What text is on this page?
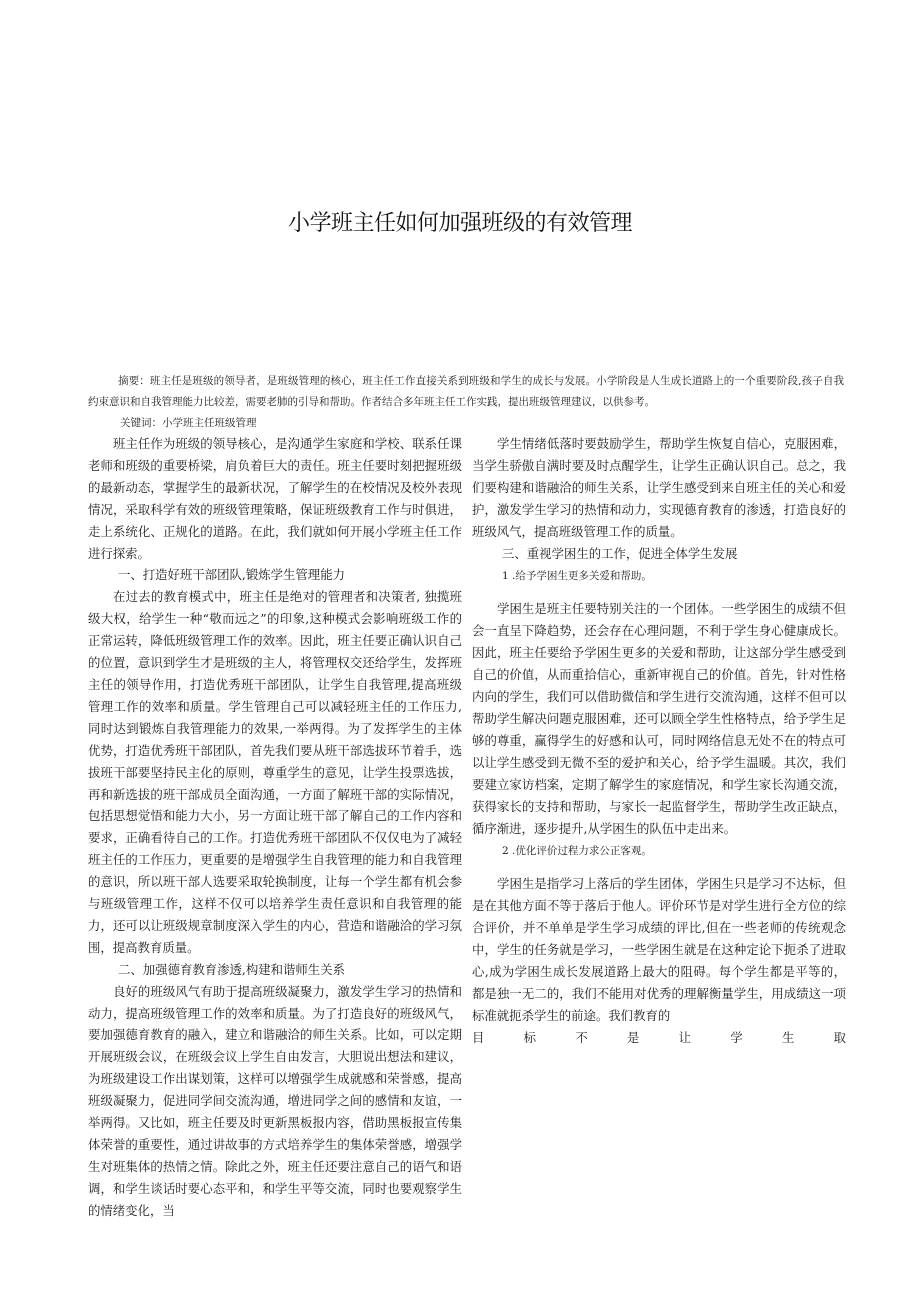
小学班主任如何加强班级的有效管理
摘要：班主任是班级的领导者，是班级管理的核心，班主任工作直接关系到班级和学生的成长与发展。小学阶段是人生成长道路上的一个重要阶段,孩子自我约束意识和自我管理能力比较差，需要老肺的引导和帮助。作者结合多年班主任工作实践，提出班级管理建议，以供参考。
关键词：小学班主任班级管理

班主任作为班级的领导核心，是沟通学生家庭和学校、联系任课老师和班级的重要桥梁，肩负着巨大的责任。班主任要时刻把握班级的最新动态，掌握学生的最新状况，了解学生的在校情况及校外表现情况，采取科学有效的班级管理策略，保证班级教育工作与时俱进，走上系统化、正规化的道路。在此，我们就如何开展小学班主任工作进行探索。

一、打造好班干部团队,锻炼学生管理能力

在过去的教育模式中，班主任是绝对的管理者和决策者, 独揽班级大权，给学生一种“敬而远之”的印象,这种模式会影响班级工作的正常运转，降低班级管理工作的效率。因此，班主任要正确认识自己的位置，意识到学生才是班级的主人，将管理权交还给学生，发挥班主任的领导作用，打造优秀班干部团队，让学生自我管理,提高班级管理工作的效率和质量。学生管理自己可以减轻班主任的工作压力,同时达到锻炼自我管理能力的效果,一举两得。为了发挥学生的主体优势，打造优秀班干部团队，首先我们要从班干部选拔环节着手，选拔班干部要坚持民主化的原则，尊重学生的意见，让学生投票选拔，再和新选拔的班干部成员全面沟通，一方面了解班干部的实际情况，包括思想觉悟和能力大小，另一方面让班干部了解自己的工作内容和要求，正确看待自己的工作。打造优秀班干部团队不仅仅电为了减轻班主任的工作压力，更重要的是增强学生自我管理的能力和自我管理的意识，所以班干部人选要采取轮换制度，让每一个学生都有机会参与班级管理工作，这样不仅可以培养学生责任意识和自我管理的能力，还可以让班级规章制度深入学生的内心，营造和谐融洽的学习氛围，提高教育质量。

二、加强德育教育渗透,构建和谐师生关系

良好的班级风气有助于提高班级凝聚力，激发学生学习的热情和动力，提高班级管理工作的效率和质量。为了打造良好的班级风气，要加强德育教育的融入，建立和谐融洽的师生关系。比如，可以定期开展班级会议，在班级会议上学生自由发言，大胆说出想法和建议，为班级建设工作出谋划策，这样可以增强学生成就感和荣誉感，提高班级凝聚力，促进同学间交流沟通，增进同学之间的感情和友谊，一举两得。又比如，班主任要及时更新黑板报内容，借助黑板报宣传集体荣誉的重要性，通过讲故事的方式培养学生的集体荣誉感，增强学生对班集体的热情之情。除此之外，班主任还要注意自己的语气和语调，和学生谈话时要心态平和，和学生平等交流，同时也要观察学生的情绪变化，当

学生情绪低落时要鼓励学生，帮助学生恢复自信心，克服困难，当学生骄傲自满时要及时点醒学生，让学生正确认识自己。总之，我们要构建和谐融洽的师生关系，让学生感受到来自班主任的关心和爱护，激发学生学习的热情和动力，实现德育教育的渗透，打造良好的班级风气，提高班级管理工作的质量。

三、重视学困生的工作，促进全体学生发展

1 .给予学困生更多关爱和帮助。

学困生是班主任要特别关注的一个团体。一些学困生的成绩不但会一直呈下降趋势，还会存在心理问题，不利于学生身心健康成长。因此，班主任要给予学困生更多的关爱和帮助，让这部分学生感受到自己的价值，从而重拾信心，重新审视自己的价值。首先，针对性格内向的学生，我们可以借助微信和学生进行交流沟通，这样不但可以帮助学生解决问题克服困难，还可以顾全学生性格特点，给予学生足够的尊重，赢得学生的好感和认可，同时网络信息无处不在的特点可以让学生感受到无微不至的爱护和关心，给予学生温暖。其次，我们要建立家访档案，定期了解学生的家庭情况，和学生家长沟通交流，获得家长的支持和帮助，与家长一起监督学生，帮助学生改正缺点，循序渐进，逐步提升,从学困生的队伍中走出来。

2 .优化评价过程力求公正客观。

学困生是指学习上落后的学生团体，学困生只是学习不达标，但是在其他方面不等于落后于他人。评价环节是对学生进行全方位的综合评价，并不单单是学生学习成绩的评比,但在一些老师的传统观念中，学生的任务就是学习，一些学困生就是在这种定论下扼杀了进取心,成为学困生成长发展道路上最大的阻碍。每个学生都是平等的，都是独一无二的，我们不能用对优秀的理解衡量学生，用成绩这一项标准就扼杀学生的前途。我们教育的

目标不是让学生取
